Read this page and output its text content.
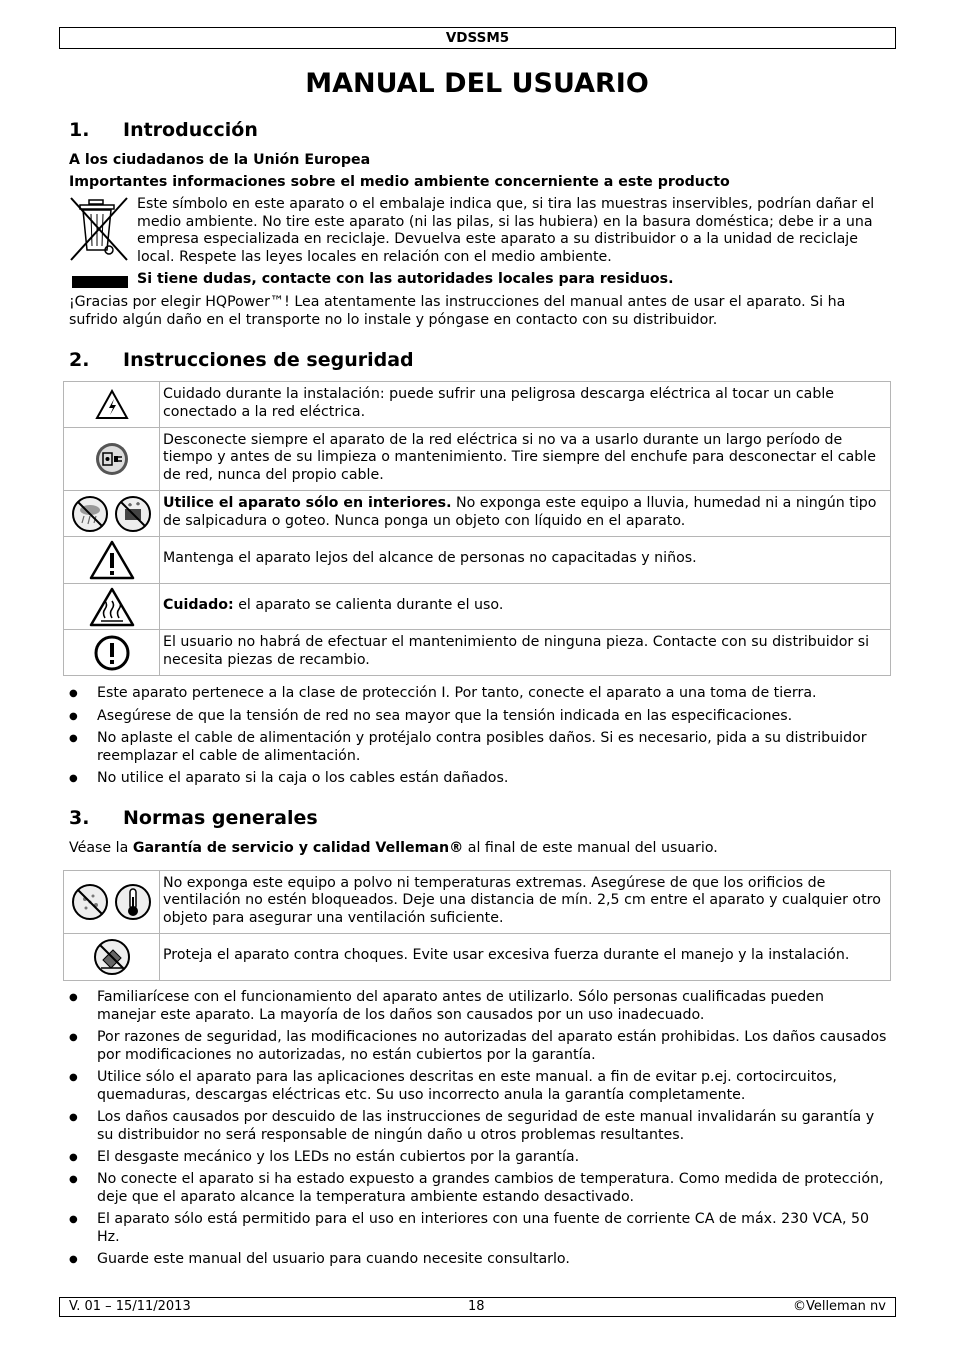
VDSSM5
MANUAL DEL USUARIO
1. Introducción
A los ciudadanos de la Unión Europea
Importantes informaciones sobre el medio ambiente concerniente a este producto
Este símbolo en este aparato o el embalaje indica que, si tira las muestras inservibles, podrían dañar el medio ambiente. No tire este aparato (ni las pilas, si las hubiera) en la basura doméstica; debe ir a una empresa especializada en reciclaje. Devuelva este aparato a su distribuidor o a la unidad de reciclaje local. Respete las leyes locales en relación con el medio ambiente.
Si tiene dudas, contacte con las autoridades locales para residuos.
¡Gracias por elegir HQPower™! Lea atentamente las instrucciones del manual antes de usar el aparato. Si ha sufrido algún daño en el transporte no lo instale y póngase en contacto con su distribuidor.
2. Instrucciones de seguridad
	Cuidado durante la instalación: puede sufrir una peligrosa descarga eléctrica al tocar un cable conectado a la red eléctrica.
	Desconecte siempre el aparato de la red eléctrica si no va a usarlo durante un largo período de tiempo y antes de su limpieza o mantenimiento. Tire siempre del enchufe para desconectar el cable de red, nunca del propio cable.
	Utilice el aparato sólo en interiores. No exponga este equipo a lluvia, humedad ni a ningún tipo de salpicadura o goteo. Nunca ponga un objeto con líquido en el aparato.
	Mantenga el aparato lejos del alcance de personas no capacitadas y niños.
	Cuidado: el aparato se calienta durante el uso.
	El usuario no habrá de efectuar el mantenimiento de ninguna pieza. Contacte con su distribuidor si necesita piezas de recambio.
● Este aparato pertenece a la clase de protección I. Por tanto, conecte el aparato a una toma de tierra.
● Asegúrese de que la tensión de red no sea mayor que la tensión indicada en las especificaciones.
● No aplaste el cable de alimentación y protéjalo contra posibles daños. Si es necesario, pida a su distribuidor reemplazar el cable de alimentación.
● No utilice el aparato si la caja o los cables están dañados.
3. Normas generales
Véase la Garantía de servicio y calidad Velleman® al final de este manual del usuario.
	No exponga este equipo a polvo ni temperaturas extremas. Asegúrese de que los orificios de ventilación no estén bloqueados. Deje una distancia de mín. 2,5 cm entre el aparato y cualquier otro objeto para asegurar una ventilación suficiente.
	Proteja el aparato contra choques. Evite usar excesiva fuerza durante el manejo y la instalación.
● Familiarícese con el funcionamiento del aparato antes de utilizarlo. Sólo personas cualificadas pueden manejar este aparato. La mayoría de los daños son causados por un uso inadecuado.
● Por razones de seguridad, las modificaciones no autorizadas del aparato están prohibidas. Los daños causados por modificaciones no autorizadas, no están cubiertos por la garantía.
● Utilice sólo el aparato para las aplicaciones descritas en este manual. a fin de evitar p.ej. cortocircuitos, quemaduras, descargas eléctricas etc. Su uso incorrecto anula la garantía completamente.
● Los daños causados por descuido de las instrucciones de seguridad de este manual invalidarán su garantía y su distribuidor no será responsable de ningún daño u otros problemas resultantes.
● El desgaste mecánico y los LEDs no están cubiertos por la garantía.
● No conecte el aparato si ha estado expuesto a grandes cambios de temperatura. Como medida de protección, deje que el aparato alcance la temperatura ambiente estando desactivado.
● El aparato sólo está permitido para el uso en interiores con una fuente de corriente CA de máx. 230 VCA, 50 Hz.
● Guarde este manual del usuario para cuando necesite consultarlo.
V. 01 – 15/11/2013	18	©Velleman nv
